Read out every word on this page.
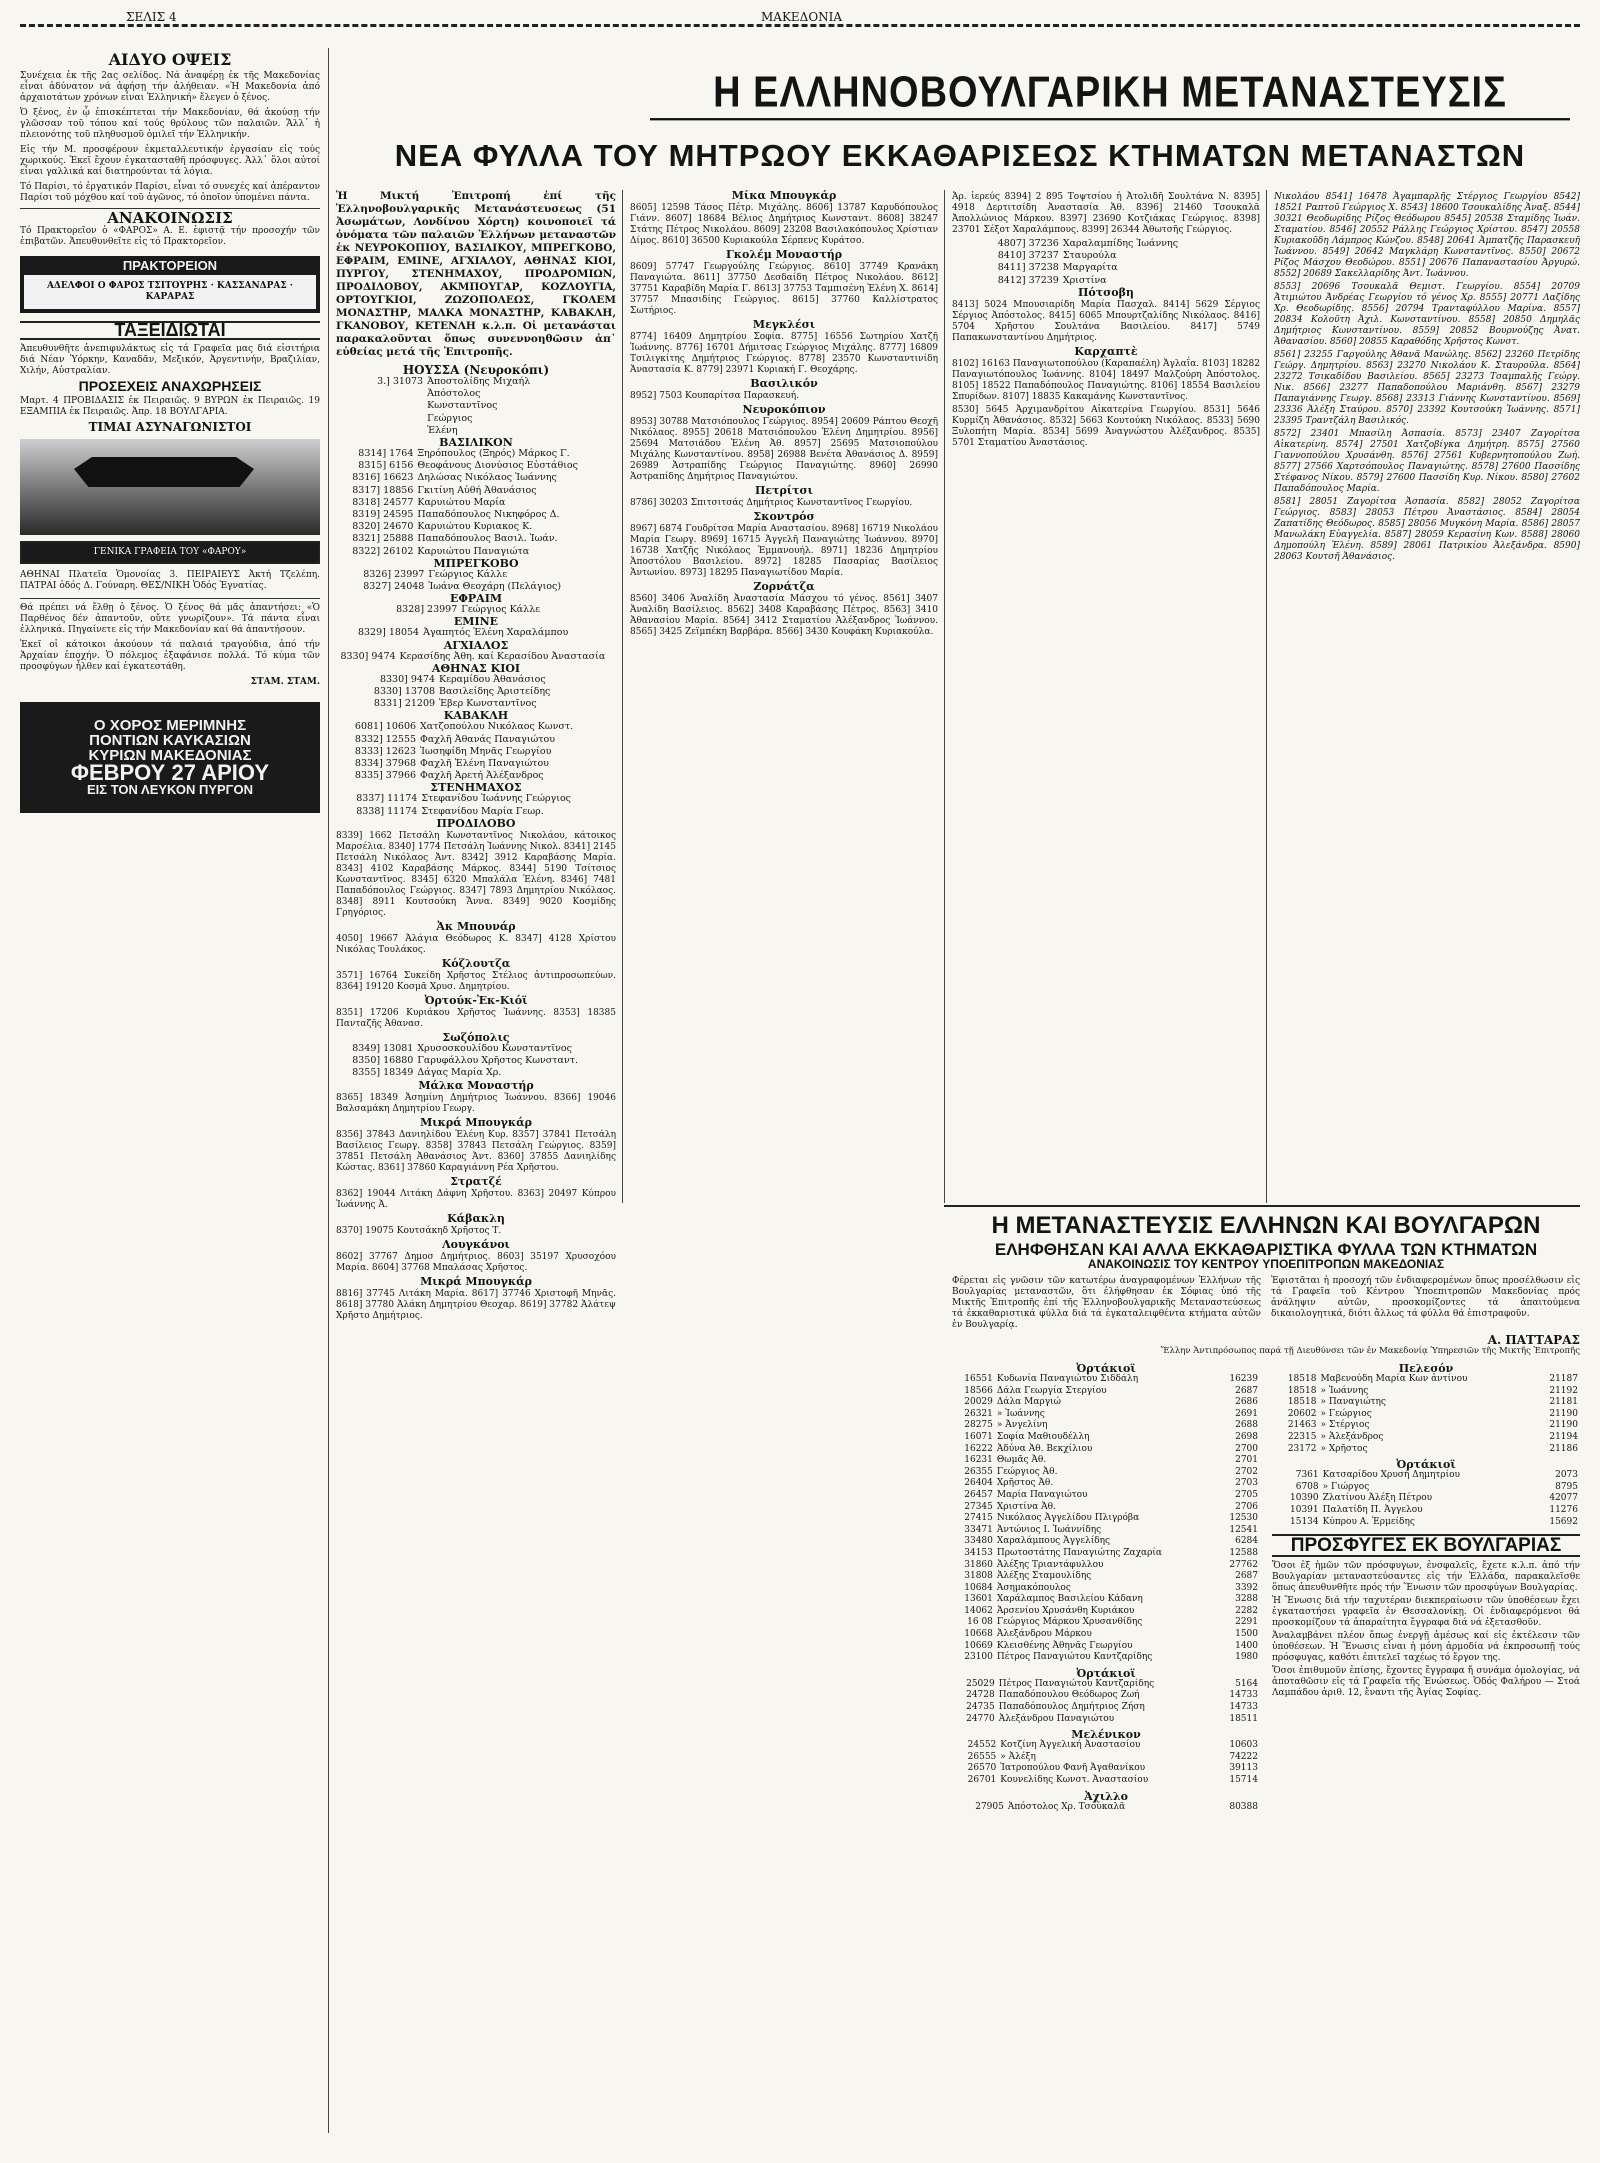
ΣΕΛΙΣ 4	ΜΑΚΕΔΟΝΙΑ
ΑΙΔΥΟ ΟΨΕΙΣ

Συνέχεια ἐκ τῆς 2ας σελίδος. Νά ἀναφέρῃ ἐκ τῆς Μακεδονίας εἶναι ἀδύνατον νά ἀφήσῃ τήν ἀλήθειαν. «Ἡ Μακεδονία ἀπό ἀρχαιοτάτων χρόνων εἶναι Ἑλληνική» ἔλεγεν ὁ ξένος.

Ὁ ξένος, ἐν ᾧ ἐπισκέπτεται τήν Μακεδονίαν, θά ἀκούσῃ τήν γλῶσσαν τοῦ τόπου καί τούς θρύλους τῶν παλαιῶν. Ἄλλ᾽ ἡ πλειονότης τοῦ πληθυσμοῦ ὁμιλεῖ τήν Ἑλληνικήν.

Εἰς τήν Μ. προσφέρουν ἐκμεταλλευτικήν ἐργασίαν εἰς τούς χωρικούς. Ἐκεῖ ἔχουν ἐγκατασταθῆ πρόσφυγες. Ἀλλ᾽ ὅλοι αὐτοί εἶναι γαλλικά καί διατηρούνται τά λόγια.

Τό Παρίσι, τό ἐργατικόν Παρίσι, εἶναι τό συνεχές καί ἀπέραντον Παρίσι τοῦ μόχθου καί τοῦ ἀγῶνος, τό ὁποῖον ὑπομένει πάντα.

ΑΝΑΚΟΙΝΩΣΙΣ

Τό Πρακτορεῖον ὁ «ΦΑΡΟΣ» Α. Ε. ἐφιστᾷ τήν προσοχήν τῶν ἐπιβατῶν. Ἀπευθυνθεῖτε εἰς τό Πρακτορεῖον.

ΠΡΑΚΤΟΡΕΙΟΝ
ΑΔΕΛΦΟΙ Ο ΦΑΡΟΣ ΤΣΙΤΟΥΡΗΣ · ΚΑΣΣΑΝΔΡΑΣ · ΚΑΡΑΡΑΣ
ΤΑΞΕΙΔΙΩΤΑΙ

Ἀπευθυνθῆτε ἀνεπιφυλάκτως εἰς τά Γραφεῖα μας διά εἰσιτήρια διά Νέαν Ὑόρκην, Καναδᾶν, Μεξικόν, Ἀργεντινήν, Βραζιλίαν, Χιλήν, Αὐστραλίαν.

ΠΡΟΣΕΧΕΙΣ ΑΝΑΧΩΡΗΣΕΙΣ

Μαρτ. 4 ΠΡΟΒΙΔΑΣΙΣ ἐκ Πειραιῶς. 9 ΒΥΡΩΝ ἐκ Πειραιῶς. 19 ΕΞΑΜΠΙΑ ἐκ Πειραιῶς. Ἀπρ. 18 ΒΟΥΛΓΑΡΙΑ.

ΤΙΜΑΙ ΑΣΥΝΑΓΩΝΙΣΤΟΙ
ΓΕΝΙΚΑ ΓΡΑΦΕΙΑ ΤΟΥ «ΦΑΡΟΥ»

ΑΘΗΝΑΙ Πλατεῖα Ὁμονοίας 3. ΠΕΙΡΑΙΕΥΣ Ἀκτή Τζελέπη. ΠΑΤΡΑΙ ὁδός Δ. Γούναρη. ΘΕΣ/ΝΙΚΗ Ὁδός Ἐγνατίας.

Θά πρέπει νά ἔλθῃ ὁ ξένος. Ὁ ξένος θά μᾶς ἀπαντήσει: «Ὁ Παρθένος δέν ἀπαντοῦν, οὔτε γνωρίζουν». Τά πάντα εἶναι ἐλληνικά. Πηγαίνετε εἰς τήν Μακεδονίαν καί θά ἀπαντήσουν.

Ἐκεῖ οἱ κάτοικοι ἀκούουν τά παλαιά τραγούδια, ἀπό τήν Ἀρχαίαν ἐποχήν. Ὁ πόλεμος ἐξαφάνισε πολλά. Τό κύμα τῶν προσφύγων ἦλθεν καί ἐγκατεστάθη.

ΣΤΑΜ. ΣΤΑΜ.

Ο ΧΟΡΟΣ ΜΕΡΙΜΝΗΣ
ΠΟΝΤΙΩΝ ΚΑΥΚΑΣΙΩΝ
ΚΥΡΙΩΝ ΜΑΚΕΔΟΝΙΑΣ
ΦΕΒΡΟΥ 27 ΑΡΙΟΥ
ΕΙΣ ΤΟΝ ΛΕΥΚΟΝ ΠΥΡΓΟΝ
Η ΕΛΛΗΝΟΒΟΥΛΓΑΡΙΚΗ ΜΕΤΑΝΑΣΤΕΥΣΙΣ
ΝΕΑ ΦΥΛΛΑ ΤΟΥ ΜΗΤΡΩΟΥ ΕΚΚΑΘΑΡΙΣΕΩΣ ΚΤΗΜΑΤΩΝ ΜΕΤΑΝΑΣΤΩΝ

Ἡ Μικτή Ἐπιτροπή ἐπί τῆς Ἑλληνοβουλγαρικῆς Μετανάστευσεως (51 Ἀσωμάτων, Λονδίνου Χόρτη) κοινοποιεῖ τά ὀνόματα τῶν παλαιῶν Ἑλλήνων μεταναστῶν ἐκ ΝΕΥΡΟΚΟΠΙΟΥ, ΒΑΣΙΛΙΚΟΥ, ΜΠΡΕΓΚΟΒΟ, ΕΦΡΑΙΜ, ΕΜΙΝΕ, ΑΓΧΙΑΛΟΥ, ΑΘΗΝΑΣ ΚΙΟΙ, ΠΥΡΓΟΥ, ΣΤΕΝΗΜΑΧΟΥ, ΠΡΟΔΡΟΜΙΩΝ, ΠΡΟΔΙΛΟΒΟΥ, ΑΚΜΠΟΥΓΑΡ, ΚΟΖΛΟΥΓΙΑ, ΟΡΤΟΥΓΚΙΟΙ, ΖΩΖΟΠΟΛΕΩΣ, ΓΚΟΛΕΜ ΜΟΝΑΣΤΗΡ, ΜΑΛΚΑ ΜΟΝΑΣΤΗΡ, ΚΑΒΑΚΛΗ, ΓΚΑΝΟΒΟΥ, ΚΕΤΕΝΛΗ κ.λ.π. Οἱ μετανάσται παρακαλοῦνται ὅπως συνεννοηθῶσιν ἀπ᾽ εὐθείας μετά τῆς Ἐπιτροπῆς.

ΗΟΥΣΣΑ (Νευροκόπι)
3.] 31073	Ἀποστολίδης Μιχαήλ
	Ἀπόστολος
	Κωνσταντῖνος
	Γεώργιος
	Ἑλένη
ΒΑΣΙΛΙΚΟΝ
8314] 1764	Ξηρόπουλος (Ξηρός) Μάρκος Γ.
8315] 6156	Θεοφάνους Διονύσιος Εὐστάθιος
8316] 16623	Δηλώσας Νικόλαος Ἰωάννης
8317] 18856	Γκιτίνη Αὐθή Ἀθανάσιος
8318] 24577	Καρυιώτου Μαρία
8319] 24595	Παπαδόπουλος Νικηφόρος Δ.
8320] 24670	Καρυιώτου Κυριακος Κ.
8321] 25888	Παπαδόπουλος Βασιλ. Ἰωάν.
8322] 26102	Καρυιώτου Παναγιώτα
ΜΠΡΕΓΚΟΒΟ
8326] 23997	Γεώργιος Κάλλε
8327] 24048	Ἰωάνα Θεοχάρη (Πελάγιος)
ΕΦΡΑΙΜ
8328] 23997	Γεώργιος Κάλλε
ΕΜΙΝΕ
8329] 18054	Ἀγαπητός Ἑλένη Χαραλάμπου
ΑΓΧΙΑΛΟΣ
8330] 9474	Κερασίδης Ἀθη. καί Κερασίδου Ἀναστασία
ΑΘΗΝΑΣ ΚΙΟΙ
8330] 9474	Κεραμίδου Ἀθανάσιος
8330] 13708	Βασιλείδης Ἀριστείδης
8331] 21209	Ἐβερ Κωνσταντῖνος
ΚΑΒΑΚΛΗ
6081] 10606	Χατζοπούλου Νικόλαος Κωνστ.
8332] 12555	Φαχλῆ Ἀθανάς Παναγιώτου
8333] 12623	Ἰωσηφίδη Μηνᾶς Γεωργίου
8334] 37968	Φαχλῆ Ἑλένη Παναγιώτου
8335] 37966	Φαχλῆ Ἀρετή Ἀλέξανδρος
ΣΤΕΝΗΜΑΧΟΣ
8337] 11174	Στεφανίδου Ἰωάννης Γεώργιος
8338] 11174	Στεφανίδου Μαρία Γεωρ.
ΠΡΟΔΙΛΟΒΟ

8339] 1662 Πετσάλη Κωνσταντῖνος Νικολάου, κάτοικος Μαρσέλια. 8340] 1774 Πετσάλη Ἰωάννης Νικολ. 8341] 2145 Πετσάλη Νικόλαος Ἀντ. 8342] 3912 Καραβάσης Μαρία. 8343] 4102 Καραβάσης Μάρκος. 8344] 5190 Τσίτσιος Κωνσταντῖνος. 8345] 6320 Μπαλάλα Ἑλένη. 8346] 7481 Παπαδόπουλος Γεώργιος. 8347] 7893 Δημητρίου Νικόλαος. 8348] 8911 Κουτσούκη Ἄννα. 8349] 9020 Κοσμίδης Γρηγόριος.

Ἀκ Μπουνάρ

4050] 19667 Ἀλάγια Θεόδωρος Κ. 8347] 4128 Χρίστου Νικόλας Τουλάκος.

Κόζλουτζα

3571] 16764 Συκείδη Χρῆστος Στέλιος ἀντιπροσωπεύων. 8364] 19120 Κοσμᾶ Χρυσ. Δημητρίου.

Ὀρτούκ-Ἐκ-Κιόϊ

8351] 17206 Κυριάκου Χρῆστος Ἰωάννης. 8353] 18385 Πανταζῆς Ἀθανασ.

Σωζόπολις
8349] 13081	Χρυσοσκουλίδου Κωνσταντῖνος
8350] 16880	Γαρυφάλλου Χρῆστος Κωνσταντ.
8355] 18349	Δάγας Μαρία Χρ.
Μάλκα Μοναστήρ

8365] 18349 Ἀσημίνη Δημήτριος Ἰωάννου. 8366] 19046 Βαλσαμάκη Δημητρίου Γεωργ.

Μικρά Μπουγκάρ

8356] 37843 Δανιηλίδου Ἑλένη Κυρ. 8357] 37841 Πετσάλη Βασίλειος Γεωργ. 8358] 37843 Πετσάλη Γεώργιος. 8359] 37851 Πετσάλη Ἀθανάσιος Ἀντ. 8360] 37855 Δανιηλίδης Κώστας. 8361] 37860 Καραγιάννη Ρέα Χρῆστου.

Στρατζέ

8362] 19044 Λιτάκη Δάφνη Χρῆστου. 8363] 20497 Κύπρου Ἰωάννης Ἀ.

Κάβακλη

8370] 19075 Κουτσάκηδ Χρῆστος Τ.

Λουγκάνοι

8602] 37767 Δημοσ Δημήτριος. 8603] 35197 Χρυσοχόου Μαρία. 8604] 37768 Μπαλάσας Χρῆστος.

Μικρά Μπουγκάρ

8816] 37745 Λιτάκη Μαρία. 8617] 37746 Χριστοφῆ Μηνᾶς. 8618] 37780 Ἀλάκη Δημητρίου Θεοχαρ. 8619] 37782 Ἀλάτεψ Χρῆστο Δημήτριος.

Μίκα Μπουγκάρ

8605] 12598 Τάσος Πέτρ. Μιχάλης. 8606] 13787 Καρυδόπουλος Γιάνν. 8607] 18684 Βέλιος Δημήτριος Κωνσταντ. 8608] 38247 Στάτης Πέτρος Νικολάου. 8609] 23208 Βασιλακόπουλος Χρίστιαν Δίμος. 8610] 36500 Κυριακούλα Σέρπενς Κυράτσο.

Γκολέμ Μοναστήρ

8609] 57747 Γεωργούλης Γεώργιος. 8610] 37749 Κρανάκη Παναγιώτα. 8611] 37750 Δεσδαίδη Πέτρος Νικολάου. 8612] 37751 Καραβίδη Μαρία Γ. 8613] 37753 Ταμπισένη Ἑλένη Χ. 8614] 37757 Μπασιδίης Γεώργιος. 8615] 37760 Καλλίστρατος Σωτήριος.

Μεγκλέσι

8774] 16409 Δημητρίου Σοφία. 8775] 16556 Σωτηρίου Χατζῆ Ἰωάννης. 8776] 16701 Δήμιτσας Γεώργιος Μιχάλης. 8777] 16809 Τσιλιγκίτης Δημήτριος Γεώργιος. 8778] 23570 Κωνσταντινίδη Ἀναστασία Κ. 8779] 23971 Κυριακή Γ. Θεοχάρης.

Βασιλικόν

8952] 7503 Κουπαρίτσα Παρασκευή.

Νευροκόπιον

8953] 30788 Ματσιόπουλος Γεώργιος. 8954] 20609 Ράπτου Θεοχῆ Νικόλαος. 8955] 20618 Ματσιόπουλου Ἑλένη Δημητρίου. 8956] 25694 Ματσιάδου Ἑλένη Ἀθ. 8957] 25695 Ματσιοπούλου Μιχάλης Κωνσταντίνου. 8958] 26988 Βενέτα Ἀθανάσιος Δ. 8959] 26989 Ἀστραπίδης Γεώργιος Παναγιώτης. 8960] 26990 Ἀστραπίδης Δημήτριος Παναγιώτου.

Πετρίτσι

8786] 30203 Σπιτσιτσάς Δημήτριος Κωνσταντῖνος Γεωργίου.

Σκοντρόσ

8967] 6874 Γουδρίτσα Μαρία Αναστασίου. 8968] 16719 Νικολάου Μαρία Γεωργ. 8969] 16715 Ἀγγελῆ Παναγιώτης Ἰωάννου. 8970] 16738 Χατζῆς Νικόλαος Ἐμμανουήλ. 8971] 18236 Δημητρίου Ἀποστόλου Βασιλείου. 8972] 18285 Πασαρίας Βασίλειος Ἀντωνίου. 8973] 18295 Παναγιωτίδου Μαρία.

Ζορνάτζα

8560] 3406 Ἀναλίδη Ἀναστασία Μάσχου τό γένος. 8561] 3407 Ἀναλίδη Βασίλειος. 8562] 3408 Καραβάσης Πέτρος. 8563] 3410 Ἀθανασίου Μαρία. 8564] 3412 Σταματίου Ἀλέξανδρος Ἰωάννου. 8565] 3425 Ζεϊμπέκη Βαρβάρα. 8566] 3430 Κουφάκη Κυριακούλα.

Ἀρ. ἱερεύς 8394] 2 895 Τοψτσίου ἡ Ἀτολιδῆ Σουλτάνα Ν. 8395] 4918 Δερτιτσίδη Ἀναστασία Ἀθ. 8396] 21460 Τσουκαλᾶ Ἀπολλώνιος Μάρκου. 8397] 23690 Κοτζιάκας Γεώργιος. 8398] 23701 Σέξοτ Χαραλάμπους. 8399] 26344 Ἀθωτσῆς Γεώργιος.

4807] 37236	Χαραλαμπίδης Ἰωάννης
8410] 37237	Σταυρούλα
8411] 37238	Μαργαρίτα
8412] 37239	Χριστίνα
Πότσοβη

8413] 5024 Μπουσιαρίδη Μαρία Πασχαλ. 8414] 5629 Σέργιος Σέργιος Ἀπόστολος. 8415] 6065 Μπουρτζαλίδης Νικόλαος. 8416] 5704 Χρῆστου Σουλτάνα Βασιλείου. 8417] 5749 Παπακωνσταντίνου Δημήτριος.

Καρχαπτὲ

8102] 16163 Παναγιωτοπούλου (Καραπαέλη) Ἀγλαΐα. 8103] 18282 Παναγιωτόπουλος Ἰωάννης. 8104] 18497 Μαλζούρη Ἀπόστολος. 8105] 18522 Παπαδόπουλος Παναγιώτης. 8106] 18554 Βασιλείου Σπυρίδων. 8107] 18835 Κακαμάνης Κωνσταντῖνος.

8530] 5645 Ἀρχιμανδρίτου Αἰκατερίνα Γεωργίου. 8531] 5646 Κυρμίζη Ἀθανάσιος. 8532] 5663 Κουτούκη Νικόλαος. 8533] 5690 Ξυλοπήτη Μαρία. 8534] 5699 Ἀναγνώστου Ἀλέξανδρος. 8535] 5701 Σταματίου Ἀναστάσιος.

Νικολάου 8541] 16478 Ἀγαμπαρλῆς Στέργιος Γεωργίου 8542] 18521 Ραπτοῦ Γεώργιος Χ. 8543] 18600 Τσουκαλίδης Ἀναξ. 8544] 30321 Θεοδωρίδης Ρίζος Θεόδωρου 8545] 20538 Σταμίδης Ἰωάν. Σταματίου. 8546] 20552 Ράλλης Γεώργιος Χρίστου. 8547] 20558 Κυριακοῦδη Λάμπρος Κώνζου. 8548] 20641 Ἀμπατζῆς Παρασκευῆ Ἰωάννου. 8549] 20642 Μαγκλάρη Κωνσταντῖνος. 8550] 20672 Ρίζος Μάσχου Θεοδώρου. 8551] 20676 Παπαναστασίου Ἀργυρώ. 8552] 20689 Σακελλαρίδης Ἀντ. Ἰωάννου.

8553] 20696 Τσουκαλᾶ Θεμιστ. Γεωργίου. 8554] 20709 Ἀτιμιώτου Ἀνδρέας Γεωργίου τό γένος Χρ. 8555] 20771 Λαζίδης Χρ. Θεοδωρίδης. 8556] 20794 Τρανταφύλλου Μαρίνα. 8557] 20834 Κολοῦτη Ἀχιλ. Κωνσταντίνου. 8558] 20850 Δημηλᾶς Δημήτριος Κωνσταντίνου. 8559] 20852 Βουρνούζης Ἀνατ. Ἀθανασίου. 8560] 20855 Καραθόδης Χρῆστος Κωνστ.

8561] 23255 Γαργούλης Ἀθανᾶ Μανώλης. 8562] 23260 Πετρίδης Γεώργ. Δημητρίου. 8563] 23270 Νικολάου Κ. Σταυροῦλα. 8564] 23272 Τσικαδίδου Βασιλείου. 8565] 23273 Τσαμπαλῆς Γεώργ. Νικ. 8566] 23277 Παπαδοπούλου Μαριάνθη. 8567] 23279 Παπαγιάννης Γεωργ. 8568] 23313 Γιάννης Κωνσταντίνου. 8569] 23336 Ἀλέξη Σταύρου. 8570] 23392 Κουτσούκη Ἰωάννης. 8571] 23395 Τραντζάλη Βασιλικός.

8572] 23401 Μπασίλη Ἀσπασία. 8573] 23407 Ζαγορίτσα Αἰκατερίνη. 8574] 27501 Χατζοβίγκα Δημήτρη. 8575] 27560 Γιαννοπούλου Χρυσάνθη. 8576] 27561 Κυβερνητοπούλου Ζωή. 8577] 27566 Χαρτσόπουλος Παναγιώτης. 8578] 27600 Πασσίδης Στέφανος Νίκου. 8579] 27600 Πασσίδη Κυρ. Νίκου. 8580] 27602 Παπαδόπουλος Μαρία.

8581] 28051 Ζαγορίτσα Ἀσπασία. 8582] 28052 Ζαγορίτσα Γεώργιος. 8583] 28053 Πέτρου Ἀναστάσιος. 8584] 28054 Ζαπατίδης Θεόδωρος. 8585] 28056 Μυγκόνη Μαρία. 8586] 28057 Μανωλάκη Εὐαγγελία. 8587] 28059 Κερασίνη Κων. 8588] 28060 Δημοπούλη Ἑλένη. 8589] 28061 Πατρικίου Ἀλεξάνδρα. 8590] 28063 Κουτσῆ Ἀθανάσιος.

Η ΜΕΤΑΝΑΣΤΕΥΣΙΣ ΕΛΛΗΝΩΝ ΚΑΙ ΒΟΥΛΓΑΡΩΝ
ΕΛΗΦΘΗΣΑΝ ΚΑΙ ΑΛΛΑ ΕΚΚΑΘΑΡΙΣΤΙΚΑ ΦΥΛΛΑ ΤΩΝ ΚΤΗΜΑΤΩΝ
ΑΝΑΚΟΙΝΩΣΙΣ ΤΟΥ ΚΕΝΤΡΟΥ ΥΠΟΕΠΙΤΡΟΠΩΝ ΜΑΚΕΔΟΝΙΑΣ

Φέρεται εἰς γνῶσιν τῶν κατωτέρω ἀναγραφομένων Ἑλλήνων τῆς Βουλγαρίας μεταναστῶν, ὅτι ἐλήφθησαν ἐκ Σόφιας ὑπό τῆς Μικτῆς Ἐπιτροπῆς ἐπί τῆς Ἑλληνοβουλγαρικῆς Μεταναστεύσεως τά ἐκκαθαριστικά φύλλα διά τά ἐγκαταλειφθέντα κτήματα αὐτῶν ἐν Βουλγαρίᾳ.

Ἐφιστᾶται ἡ προσοχή τῶν ἐνδιαφερομένων ὅπως προσέλθωσιν εἰς τά Γραφεῖα τοῦ Κέντρου Ὑποεπιτροπῶν Μακεδονίας πρός ἀνάληψιν αὐτῶν, προσκομίζοντες τά ἀπαιτούμενα δικαιολογητικά, διότι ἄλλως τά φύλλα θά ἐπιστραφοῦν.

Α. ΠΑΤΤΑΡΑΣ
Ἕλλην Ἀντιπρόσωπος παρά τῇ Διευθύνσει τῶν ἐν Μακεδονίᾳ Ὑπηρεσιῶν τῆς Μικτῆς Ἐπιτροπῆς
Ὀρτάκιοϊ
16551	Κυδωνία Παναγιώτου Σιδδάλη	16239
18566	Δάλα Γεωργία Στεργίου	2687
20029	Δάλα Μαργιώ	2686
26321	» Ἰωάννης	2691
28275	» Ἀνγελίνη	2688
16071	Σοφία Μαθιουδέλλη	2698
16222	Ἀδύνα Ἀθ. Βεκχίλιου	2700
16231	Θωμᾶς Ἀθ.	2701
26355	Γεώργιος Ἀθ.	2702
26404	Χρῆστος Ἀθ.	2703
26457	Μαρία Παναγιώτου	2705
27345	Χριστίνα Ἀθ.	2706
27415	Νικόλαος Ἀγγελίδου Πλιγρόβα	12530
33471	Ἀντώνιος Ι. Ἰωάννίδης	12541
33480	Χαραλάμπους Ἀγγελίδης	6284
34153	Πρωτοστάτης Παναγιώτης Ζαχαρία	12588
31860	Ἀλέξης Τριαντάφυλλου	27762
31808	Ἀλέξης Σταμουλίδης	2687
10684	Ἀσημακόπουλος	3392
13601	Χαράλαμπος Βασιλείου Κάδανη	3288
14062	Ἀρσενίου Χρυσάνθη Κυριάκου	2282
16 08	Γεώργιος Μάρκου Χρυσανθίδης	2291
10668	Ἀλεξάνδρου Μάρκου	1500
10669	Κλεισθένης Ἀθηνᾶς Γεωργίου	1400
23100	Πέτρος Παναγιώτου Καντζαρίδης	1980
Ὀρτάκιοϊ
25029	Πέτρος Παναγιώτου Καντζαρίδης	5164
24728	Παπαδόπουλου Θεόδωρος Ζωή	14733
24735	Παπαδόπουλος Δημήτριος Ζήση	14733
24770	Ἀλεξάνδρου Παναγιώτου	18511
Μελένικον
24552	Κοτζίνη Ἀγγελική Ἀναστασίου	10603
26555	» Ἀλέξη	74222
26570	Ἰατροπούλου Φανῆ Ἀγαθανίκου	39113
26701	Κουνελίδης Κωνστ. Ἀναστασίου	15714
Ἀχιλλο
27905	Ἀπόστολος Χρ. Τσουκαλᾶ	80388
Πελεσόν
18518	Μαβενούδη Μαρία Κων ἀντίνου	21187
18518	» Ἰωάννης	21192
18518	» Παναγιώτης	21181
20602	» Γεώργιος	21190
21463	» Στέργιος	21190
22315	» Ἀλεξάνδρος	21194
23172	» Χρῆστος	21186
Ὀρτάκιοϊ
7361	Κατσαρίδου Χρυσή Δημητρίου	2073
6708	» Γιώργος	8795
10390	Ζλατίνου Ἀλέξη Πέτρου	42077
10391	Παλατίδη Π. Ἀγγελου	11276
15134	Κύπρου Α. Ἐρμείδης	15692
ΠΡΟΣΦΥΓΕΣ ΕΚ ΒΟΥΛΓΑΡΙΑΣ

Ὅσοι ἐξ ἡμῶν τῶν πρόσφυγων, ἐνσφαλεῖς, ἔχετε κ.λ.π. ἀπό τήν Βουλγαρίαν μεταναστεύσαντες εἰς τήν Ἑλλάδα, παρακαλεῖσθε ὅπως ἀπευθυνθῆτε πρός τήν Ἕνωσιν τῶν προσφύγων Βουλγαρίας.

Ἡ Ἕνωσις διά τήν ταχυτέραν διεκπεραίωσιν τῶν ὑποθέσεων ἔχει ἐγκαταστήσει γραφεῖα ἐν Θεσσαλονίκῃ. Οἱ ἐνδιαφερόμενοι θά προσκομίζουν τά ἀπαραίτητα ἔγγραφα διά νά ἐξετασθοῦν.

Ἀναλαμβάνει πλέον ὅπως ἐνεργῇ ἀμέσως καί εἰς ἐκτέλεσιν τῶν ὑποθέσεων. Ἡ Ἕνωσις εἶναι ἡ μόνη ἀρμοδία νά ἐκπροσωπῇ τούς πρόσφυγας, καθότι ἐπιτελεῖ ταχέως τό ἔργον της.

Ὅσοι ἐπιθυμοῦν ἐπίσης, ἔχοντες ἔγγραφα ἤ συνάμα ὁμολογίας, νά ἀποταθῶσιν εἰς τά Γραφεῖα τῆς Ἑνώσεως. Ὁδός Φαλήρου — Στοά Λαμπάδου ἀριθ. 12, ἔναντι τῆς Ἀγίας Σοφίας.
